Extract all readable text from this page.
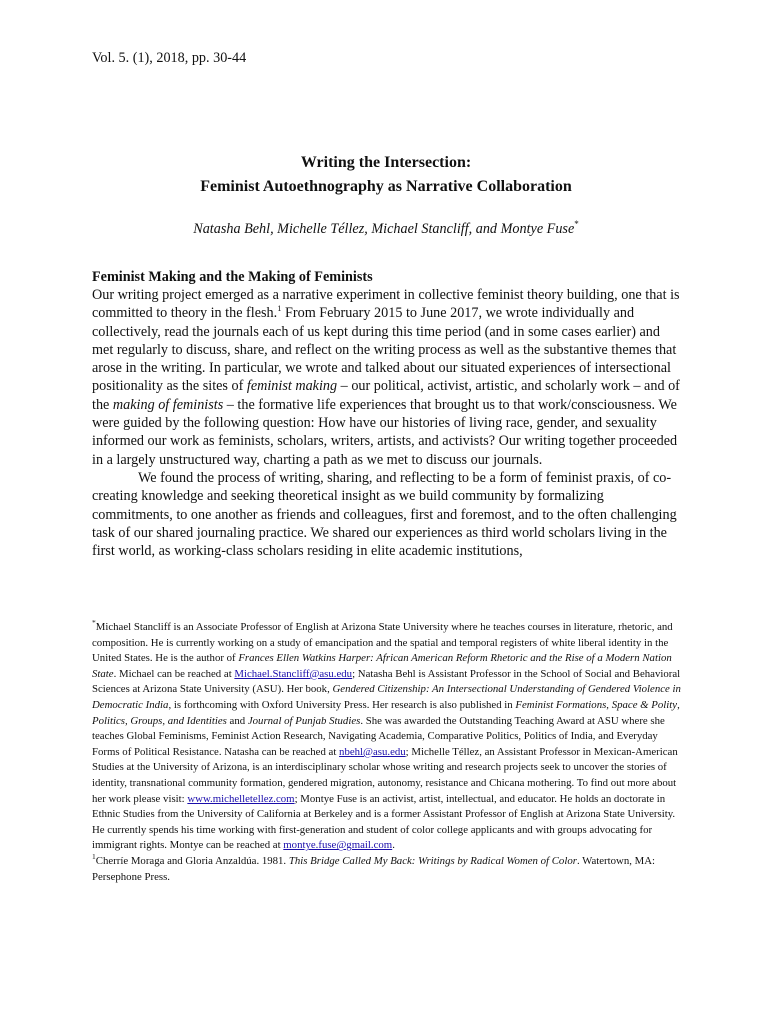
Vol. 5. (1), 2018, pp. 30-44
Writing the Intersection:
Feminist Autoethnography as Narrative Collaboration
Natasha Behl, Michelle Téllez, Michael Stancliff, and Montye Fuse*
Feminist Making and the Making of Feminists

Our writing project emerged as a narrative experiment in collective feminist theory building, one that is committed to theory in the flesh.$^1$ From February 2015 to June 2017, we wrote individually and collectively, read the journals each of us kept during this time period (and in some cases earlier) and met regularly to discuss, share, and reflect on the writing process as well as the substantive themes that arose in the writing. In particular, we wrote and talked about our situated experiences of intersectional positionality as the sites of feminist making – our political, activist, artistic, and scholarly work – and of the making of feminists – the formative life experiences that brought us to that work/consciousness. We were guided by the following question: How have our histories of living race, gender, and sexuality informed our work as feminists, scholars, writers, artists, and activists? Our writing together proceeded in a largely unstructured way, charting a path as we met to discuss our journals.

We found the process of writing, sharing, and reflecting to be a form of feminist praxis, of co-creating knowledge and seeking theoretical insight as we build community by formalizing commitments, to one another as friends and colleagues, first and foremost, and to the often challenging task of our shared journaling practice. We shared our experiences as third world scholars living in the first world, as working-class scholars residing in elite academic institutions,

*Michael Stancliff is an Associate Professor of English at Arizona State University where he teaches courses in literature, rhetoric, and composition. He is currently working on a study of emancipation and the spatial and temporal registers of white liberal identity in the United States. He is the author of Frances Ellen Watkins Harper: African American Reform Rhetoric and the Rise of a Modern Nation State. Michael can be reached at Michael.Stancliff@asu.edu; Natasha Behl is Assistant Professor in the School of Social and Behavioral Sciences at Arizona State University (ASU). Her book, Gendered Citizenship: An Intersectional Understanding of Gendered Violence in Democratic India, is forthcoming with Oxford University Press. Her research is also published in Feminist Formations, Space & Polity, Politics, Groups, and Identities and Journal of Punjab Studies. She was awarded the Outstanding Teaching Award at ASU where she teaches Global Feminisms, Feminist Action Research, Navigating Academia, Comparative Politics, Politics of India, and Everyday Forms of Political Resistance. Natasha can be reached at nbehl@asu.edu; Michelle Téllez, an Assistant Professor in Mexican-American Studies at the University of Arizona, is an interdisciplinary scholar whose writing and research projects seek to uncover the stories of identity, transnational community formation, gendered migration, autonomy, resistance and Chicana mothering. To find out more about her work please visit: www.michelletellez.com; Montye Fuse is an activist, artist, intellectual, and educator. He holds an doctorate in Ethnic Studies from the University of California at Berkeley and is a former Assistant Professor of English at Arizona State University. He currently spends his time working with first-generation and student of color college applicants and with groups advocating for immigrant rights. Montye can be reached at montye.fuse@gmail.com.

$^1$Cherríe Moraga and Gloria Anzaldúa. 1981. This Bridge Called My Back: Writings by Radical Women of Color. Watertown, MA: Persephone Press.
